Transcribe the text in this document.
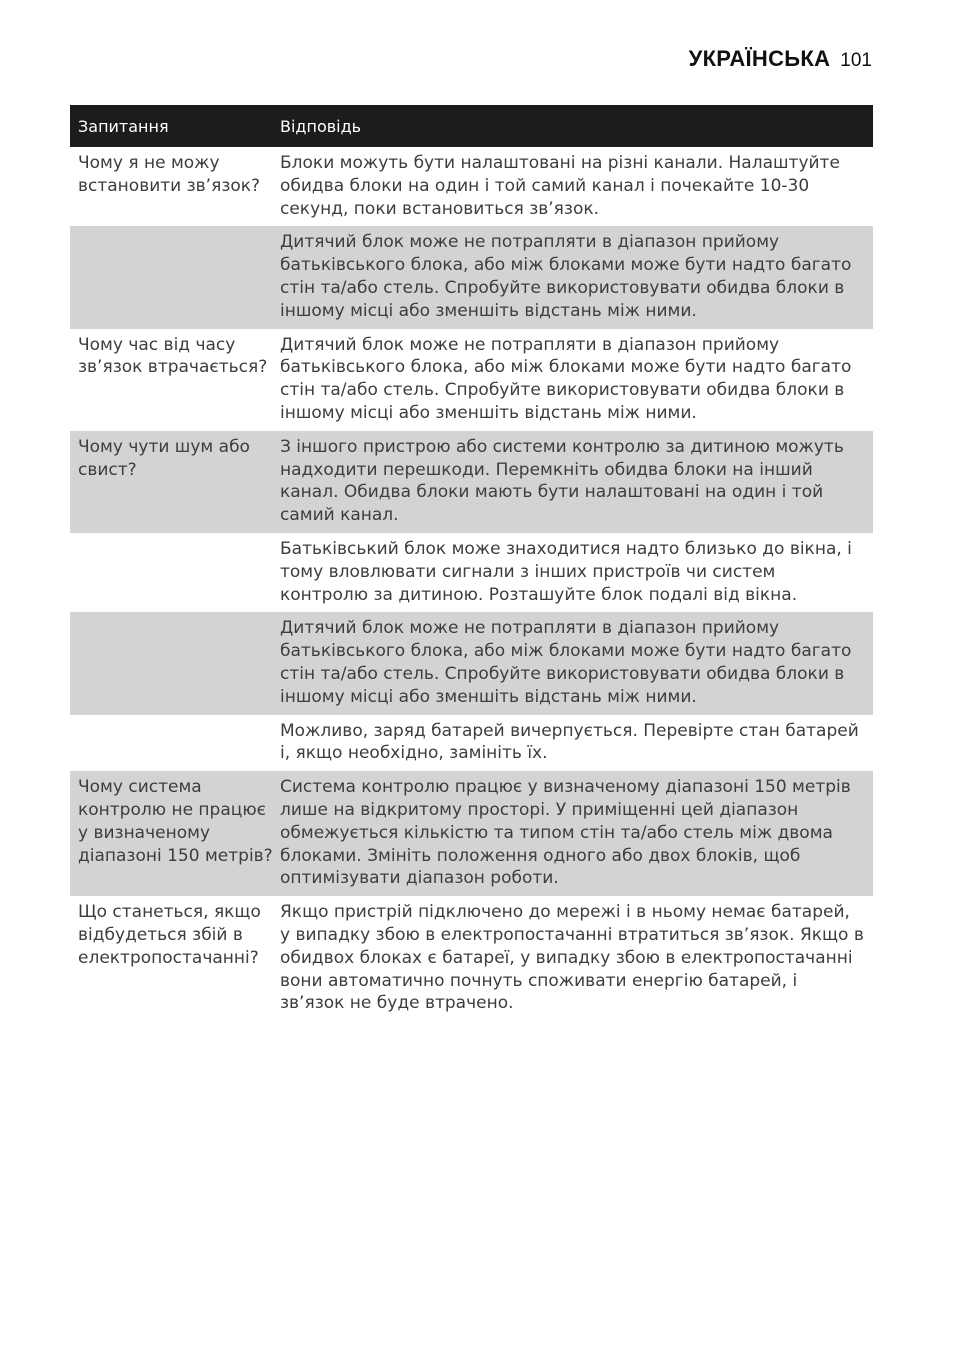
УКРАЇНСЬКА 101
Запитання	Відповідь
Чому я не можу встановити зв’язок?
Блоки можуть бути налаштовані на різні канали. Налаштуйте обидва блоки на один і той самий канал і почекайте 10-30 секунд, поки встановиться зв’язок.
Дитячий блок може не потрапляти в діапазон прийому батьківського блока, або між блоками може бути надто багато стін та/або стель. Спробуйте використовувати обидва блоки в іншому місці або зменшіть відстань між ними.
Чому час від часу зв’язок втрачається?
Дитячий блок може не потрапляти в діапазон прийому батьківського блока, або між блоками може бути надто багато стін та/або стель. Спробуйте використовувати обидва блоки в іншому місці або зменшіть відстань між ними.
Чому чути шум або свист?
З іншого пристрою або системи контролю за дитиною можуть надходити перешкоди. Перемкніть обидва блоки на інший канал. Обидва блоки мають бути налаштовані на один і той самий канал.
Батьківський блок може знаходитися надто близько до вікна, і тому вловлювати сигнали з інших пристроїв чи систем контролю за дитиною. Розташуйте блок подалі від вікна.
Дитячий блок може не потрапляти в діапазон прийому батьківського блока, або між блоками може бути надто багато стін та/або стель. Спробуйте використовувати обидва блоки в іншому місці або зменшіть відстань між ними.
Можливо, заряд батарей вичерпується. Перевірте стан батарей і, якщо необхідно, замініть їх.
Чому система контролю не працює у визначеному діапазоні 150 метрів?
Система контролю працює у визначеному діапазоні 150 метрів лише на відкритому просторі. У приміщенні цей діапазон обмежується кількістю та типом стін та/або стель між двома блоками. Змініть положення одного або двох блоків, щоб оптимізувати діапазон роботи.
Що станеться, якщо відбудеться збій в електропостачанні?
Якщо пристрій підключено до мережі і в ньому немає батарей, у випадку збою в електропостачанні втратиться зв’язок. Якщо в обидвох блоках є батареї, у випадку збою в електропостачанні вони автоматично почнуть споживати енергію батарей, і зв’язок не буде втрачено.
